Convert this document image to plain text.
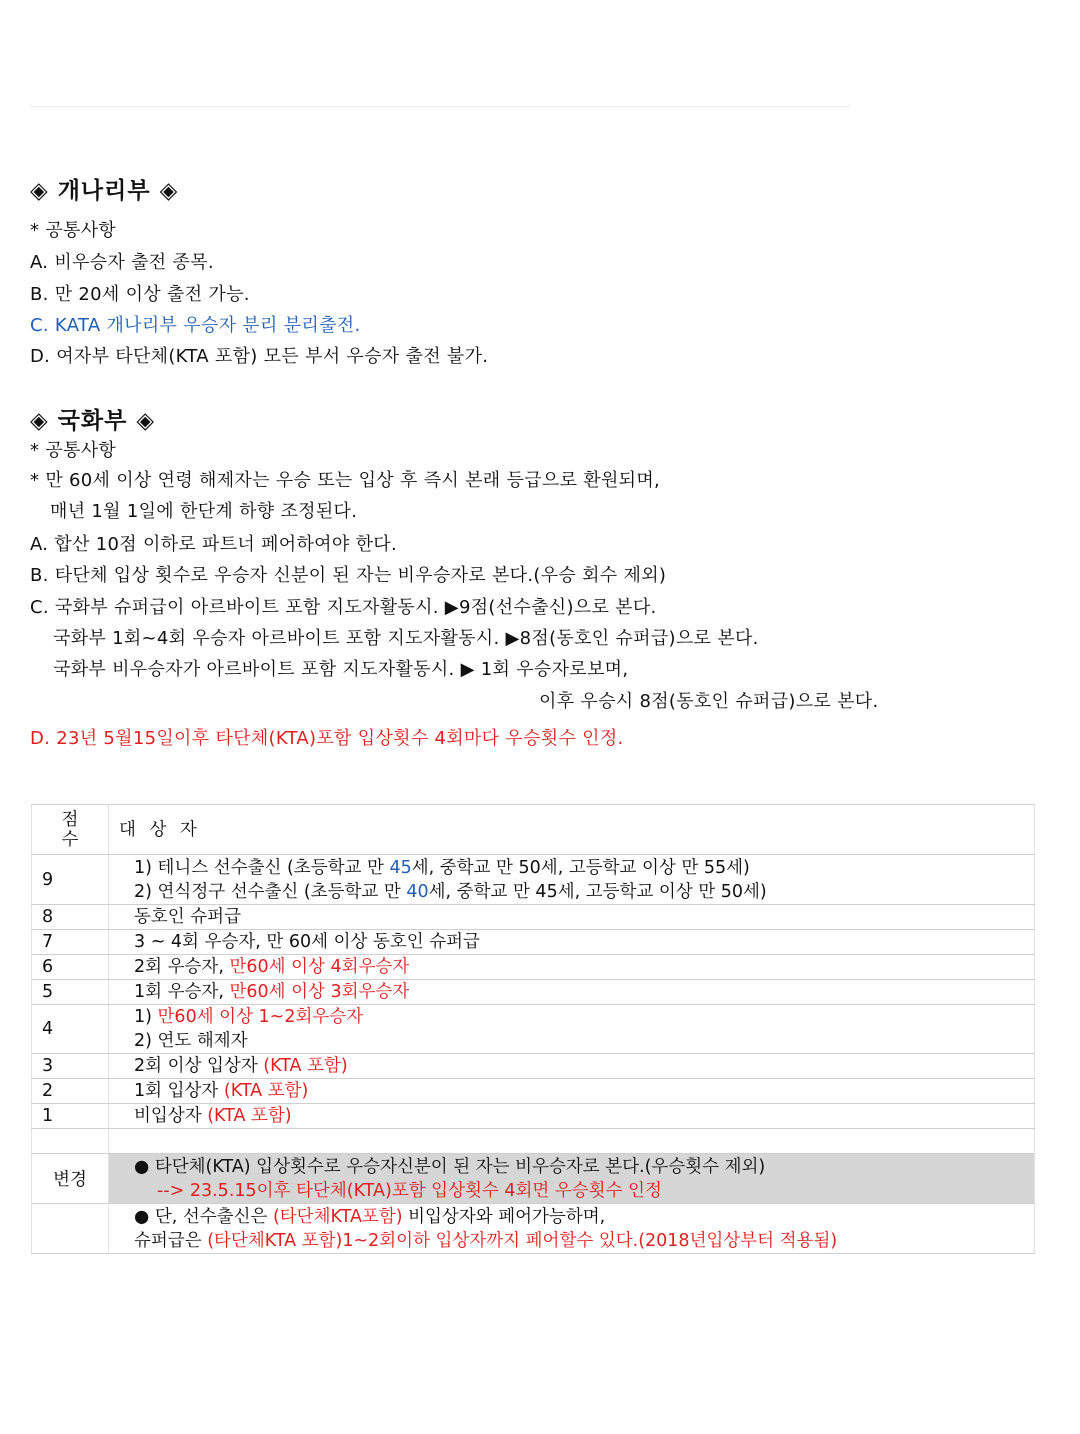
◈ 개나리부 ◈
* 공통사항
A. 비우승자 출전 종목.
B. 만 20세 이상 출전 가능.
C. KATA 개나리부 우승자 분리 분리출전.
D. 여자부 타단체(KTA 포함) 모든 부서 우승자 출전 불가.
◈ 국화부 ◈
* 공통사항
* 만 60세 이상 연령 해제자는 우승 또는 입상 후 즉시 본래 등급으로 환원되며,
매년 1월 1일에 한단계 하향 조정된다.
A. 합산 10점 이하로 파트너 페어하여야 한다.
B. 타단체 입상 횟수로 우승자 신분이 된 자는 비우승자로 본다.(우승 회수 제외)
C. 국화부 슈퍼급이 아르바이트 포함 지도자활동시. ▶9점(선수출신)으로 본다.
국화부 1회~4회 우승자 아르바이트 포함 지도자활동시. ▶8점(동호인 슈퍼급)으로 본다.
국화부 비우승자가 아르바이트 포함 지도자활동시. ▶ 1회 우승자로보며,
이후 우승시 8점(동호인 슈퍼급)으로 본다.
D. 23년 5월15일이후 타단체(KTA)포함 입상횟수 4회마다 우승횟수 인정.
점
수	대 상 자
9	1) 테니스 선수출신 (초등학교 만 45세, 중학교 만 50세, 고등학교 이상 만 55세)
2) 연식정구 선수출신 (초등학교 만 40세, 중학교 만 45세, 고등학교 이상 만 50세)

8	동호인 슈퍼급
7	3 ~ 4회 우승자, 만 60세 이상 동호인 슈퍼급
6	2회 우승자, 만60세 이상 4회우승자
5	1회 우승자, 만60세 이상 3회우승자
4	1) 만60세 이상 1~2회우승자
2) 연도 해제자

3	2회 이상 입상자 (KTA 포함)
2	1회 입상자 (KTA 포함)
1	비입상자 (KTA 포함)

변경	● 타단체(KTA) 입상횟수로 우승자신분이 된 자는 비우승자로 본다.(우승횟수 제외)
--> 23.5.15이후 타단체(KTA)포함 입상횟수 4회면 우승횟수 인정

	● 단, 선수출신은 (타단체KTA포함) 비입상자와 페어가능하며,
슈퍼급은 (타단체KTA 포함)1~2회이하 입상자까지 페어할수 있다.(2018년입상부터 적용됨)
